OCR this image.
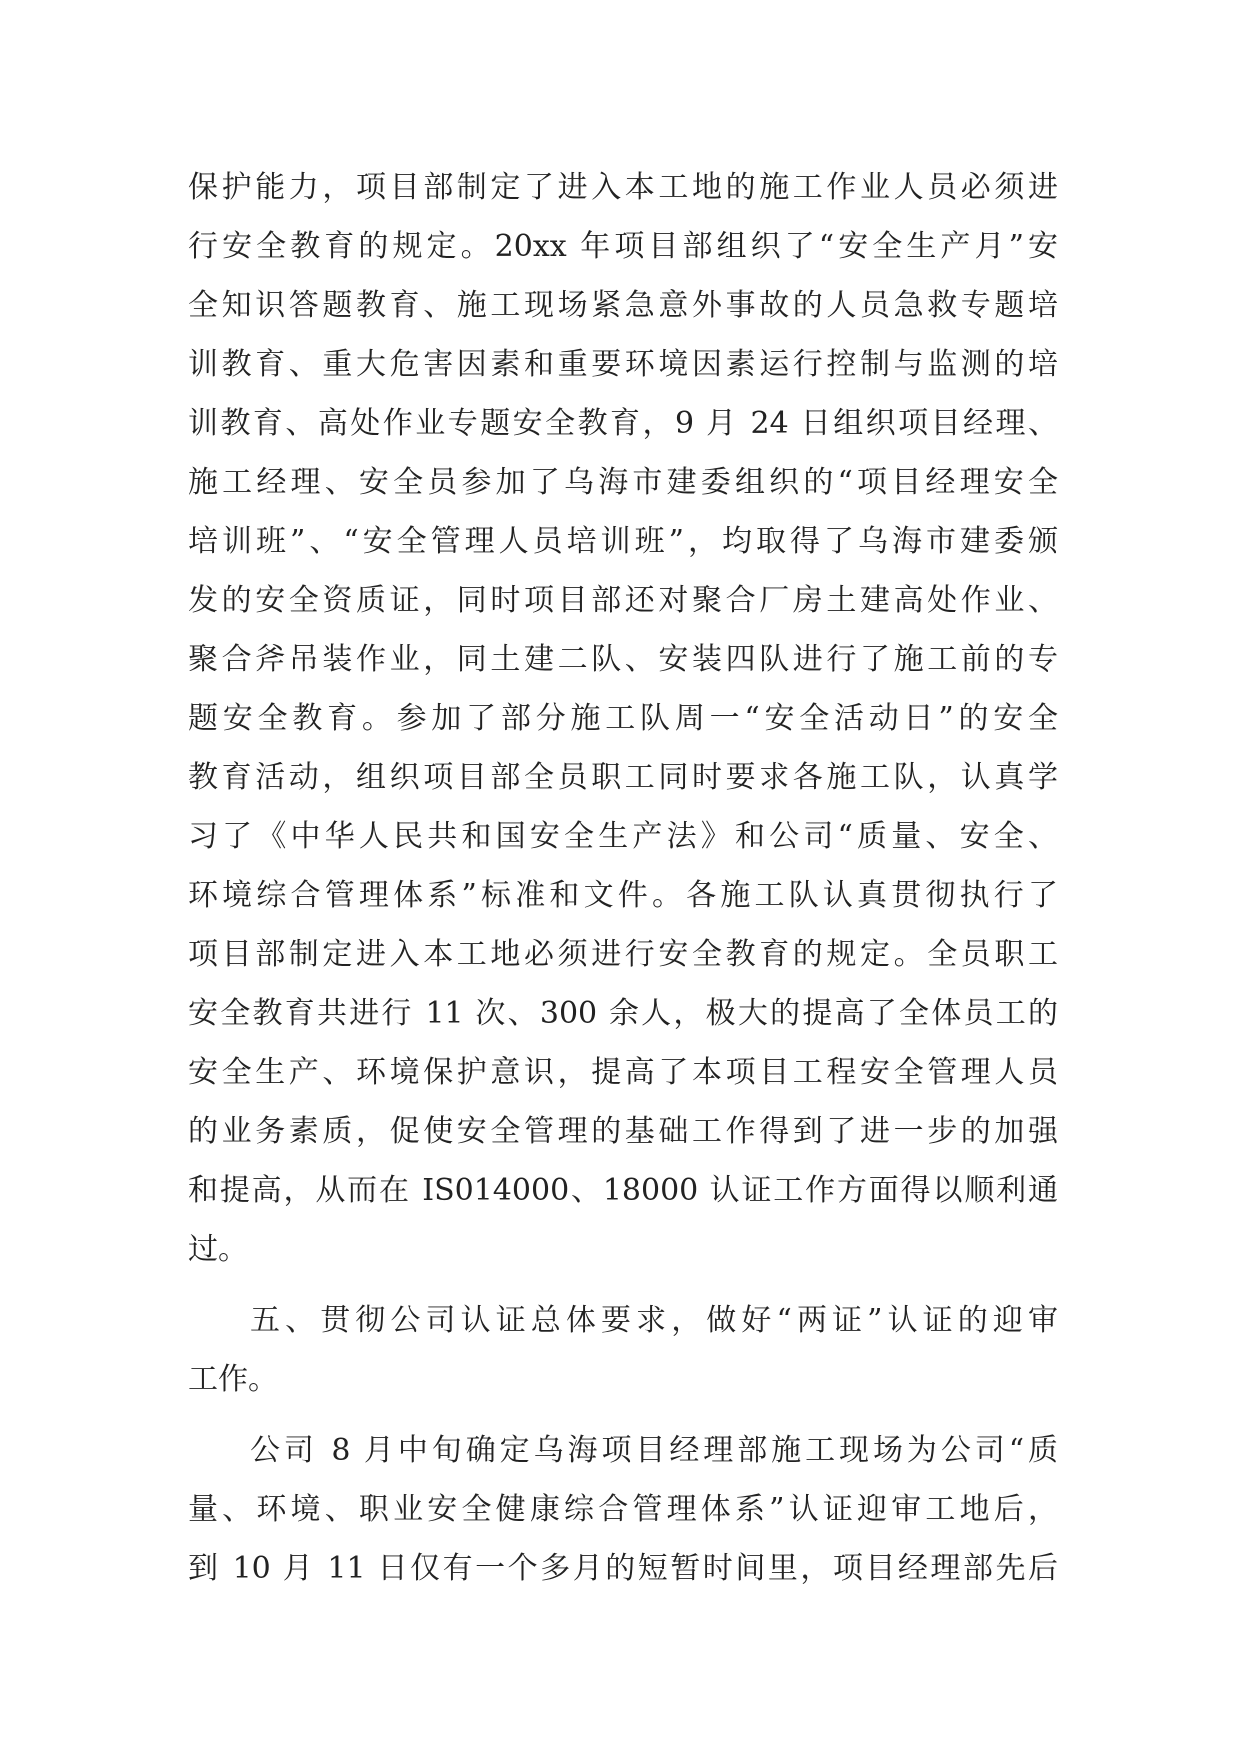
保护能力，项目部制定了进入本工地的施工作业人员必须进
行安全教育的规定。20xx 年项目部组织了“安全生产月”安
全知识答题教育、施工现场紧急意外事故的人员急救专题培
训教育、重大危害因素和重要环境因素运行控制与监测的培
训教育、高处作业专题安全教育，9 月 24 日组织项目经理、
施工经理、安全员参加了乌海市建委组织的“项目经理安全
培训班”、“安全管理人员培训班”，均取得了乌海市建委颁
发的安全资质证，同时项目部还对聚合厂房土建高处作业、
聚合斧吊装作业，同土建二队、安装四队进行了施工前的专
题安全教育。参加了部分施工队周一“安全活动日”的安全
教育活动，组织项目部全员职工同时要求各施工队，认真学
习了《中华人民共和国安全生产法》和公司“质量、安全、
环境综合管理体系”标准和文件。各施工队认真贯彻执行了
项目部制定进入本工地必须进行安全教育的规定。全员职工
安全教育共进行 11 次、300 余人，极大的提高了全体员工的
安全生产、环境保护意识，提高了本项目工程安全管理人员
的业务素质，促使安全管理的基础工作得到了进一步的加强
和提高，从而在 IS014000、18000 认证工作方面得以顺利通
过。
五、贯彻公司认证总体要求，做好“两证”认证的迎审
工作。
公司 8 月中旬确定乌海项目经理部施工现场为公司“质
量、环境、职业安全健康综合管理体系”认证迎审工地后，
到 10 月 11 日仅有一个多月的短暂时间里，项目经理部先后
